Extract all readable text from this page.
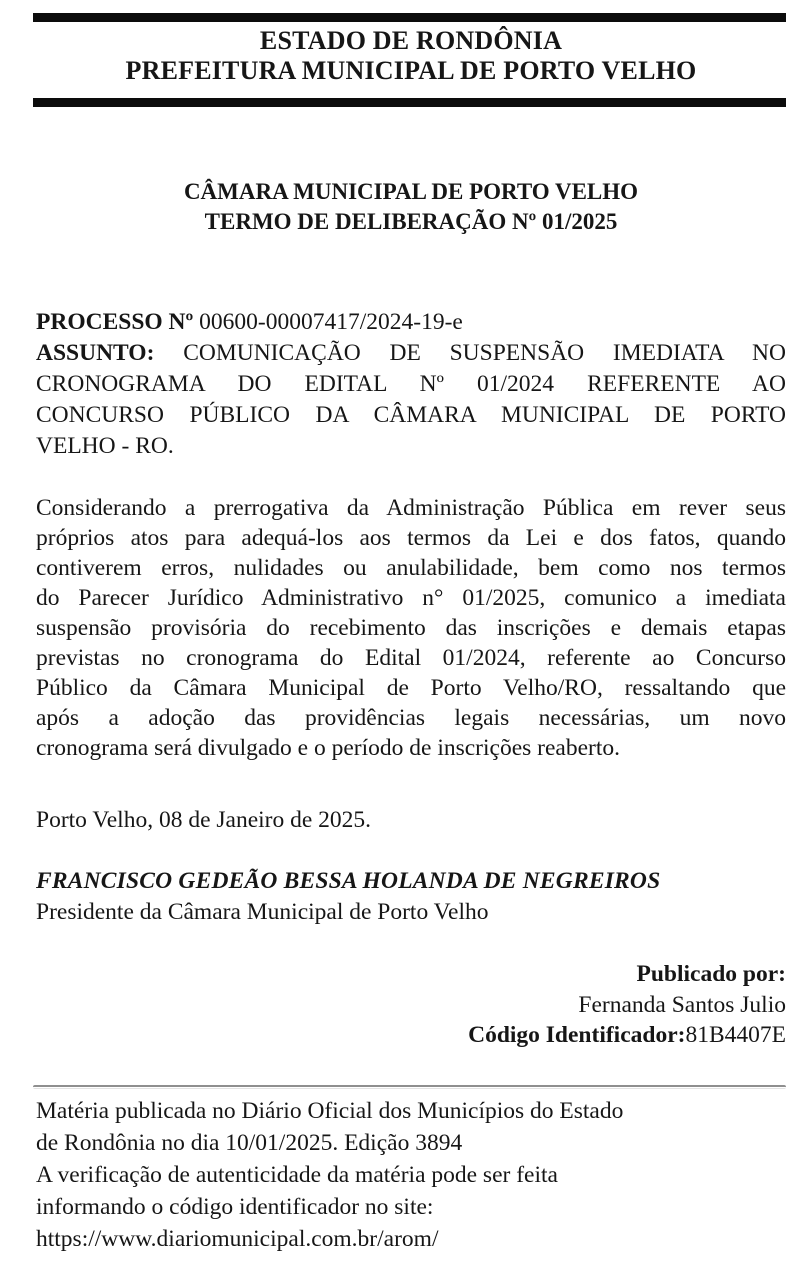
ESTADO DE RONDÔNIA
PREFEITURA MUNICIPAL DE PORTO VELHO
CÂMARA MUNICIPAL DE PORTO VELHO
TERMO DE DELIBERAÇÃO Nº 01/2025
PROCESSO Nº 00600-00007417/2024-19-e
ASSUNTO: COMUNICAÇÃO DE SUSPENSÃO IMEDIATA NO
CRONOGRAMA DO EDITAL Nº 01/2024 REFERENTE AO
CONCURSO PÚBLICO DA CÂMARA MUNICIPAL DE PORTO
VELHO - RO.
Considerando a prerrogativa da Administração Pública em rever seus
próprios atos para adequá-los aos termos da Lei e dos fatos, quando
contiverem erros, nulidades ou anulabilidade, bem como nos termos
do Parecer Jurídico Administrativo n° 01/2025, comunico a imediata
suspensão provisória do recebimento das inscrições e demais etapas
previstas no cronograma do Edital 01/2024, referente ao Concurso
Público da Câmara Municipal de Porto Velho/RO, ressaltando que
após a adoção das providências legais necessárias, um novo
cronograma será divulgado e o período de inscrições reaberto.
Porto Velho, 08 de Janeiro de 2025.
FRANCISCO GEDEÃO BESSA HOLANDA DE NEGREIROS
Presidente da Câmara Municipal de Porto Velho
Publicado por:
Fernanda Santos Julio
Código Identificador:81B4407E
Matéria publicada no Diário Oficial dos Municípios do Estado
de Rondônia no dia 10/01/2025. Edição 3894
A verificação de autenticidade da matéria pode ser feita
informando o código identificador no site:
https://www.diariomunicipal.com.br/arom/
